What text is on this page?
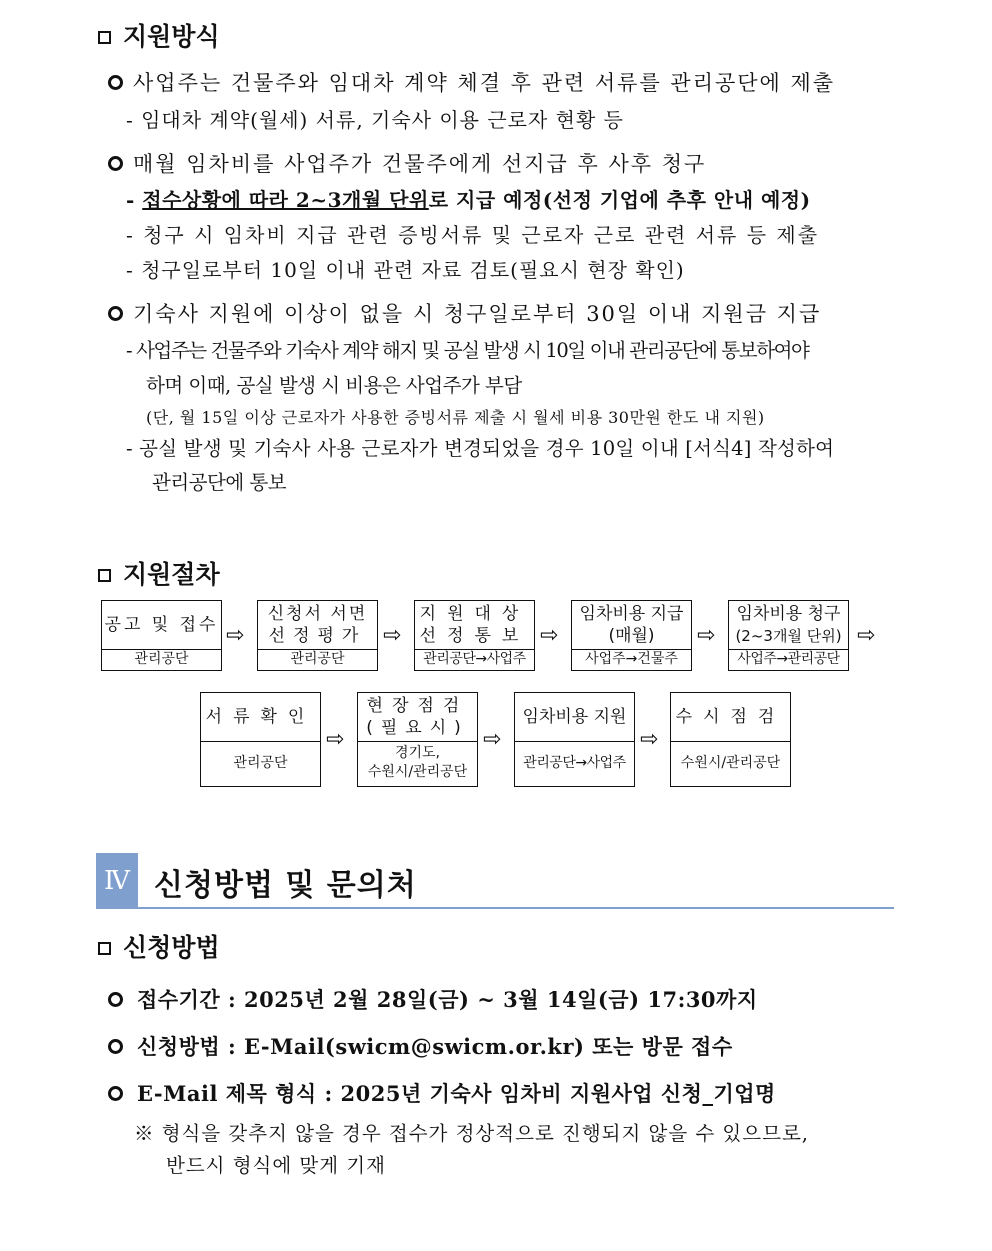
지원방식
사업주는 건물주와 임대차 계약 체결 후 관련 서류를 관리공단에 제출
- 임대차 계약(월세) 서류, 기숙사 이용 근로자 현황 등
매월 임차비를 사업주가 건물주에게 선지급 후 사후 청구
- 접수상황에 따라 2~3개월 단위로 지급 예정(선정 기업에 추후 안내 예정)
- 청구 시 임차비 지급 관련 증빙서류 및 근로자 근로 관련 서류 등 제출
- 청구일로부터 10일 이내 관련 자료 검토(필요시 현장 확인)
기숙사 지원에 이상이 없을 시 청구일로부터 30일 이내 지원금 지급
- 사업주는 건물주와 기숙사 계약 해지 및 공실 발생 시 10일 이내 관리공단에 통보하여야
하며 이때, 공실 발생 시 비용은 사업주가 부담
(단, 월 15일 이상 근로자가 사용한 증빙서류 제출 시 월세 비용 30만원 한도 내 지원)
- 공실 발생 및 기숙사 사용 근로자가 변경되었을 경우 10일 이내 [서식4] 작성하여
관리공단에 통보
지원절차
공고 및 접수
관리공단
⇨
신청서 서면
선정평가
관리공단
⇨
지원대상
선정통보
관리공단→사업주
⇨
임차비용 지급
(매월)
사업주→건물주
⇨
임차비용 청구
(2~3개월 단위)
사업주→관리공단
⇨
서류확인
관리공단
⇨
현장점검
(필요시)
경기도,
수원시/관리공단
⇨
임차비용 지원
관리공단→사업주
⇨
수시점검
수원시/관리공단
Ⅳ 신청방법 및 문의처
신청방법
접수기간 : 2025년 2월 28일(금) ~ 3월 14일(금) 17:30까지
신청방법 : E-Mail(swicm@swicm.or.kr) 또는 방문 접수
E-Mail 제목 형식 : 2025년 기숙사 임차비 지원사업 신청_기업명
※ 형식을 갖추지 않을 경우 접수가 정상적으로 진행되지 않을 수 있으므로,
반드시 형식에 맞게 기재
